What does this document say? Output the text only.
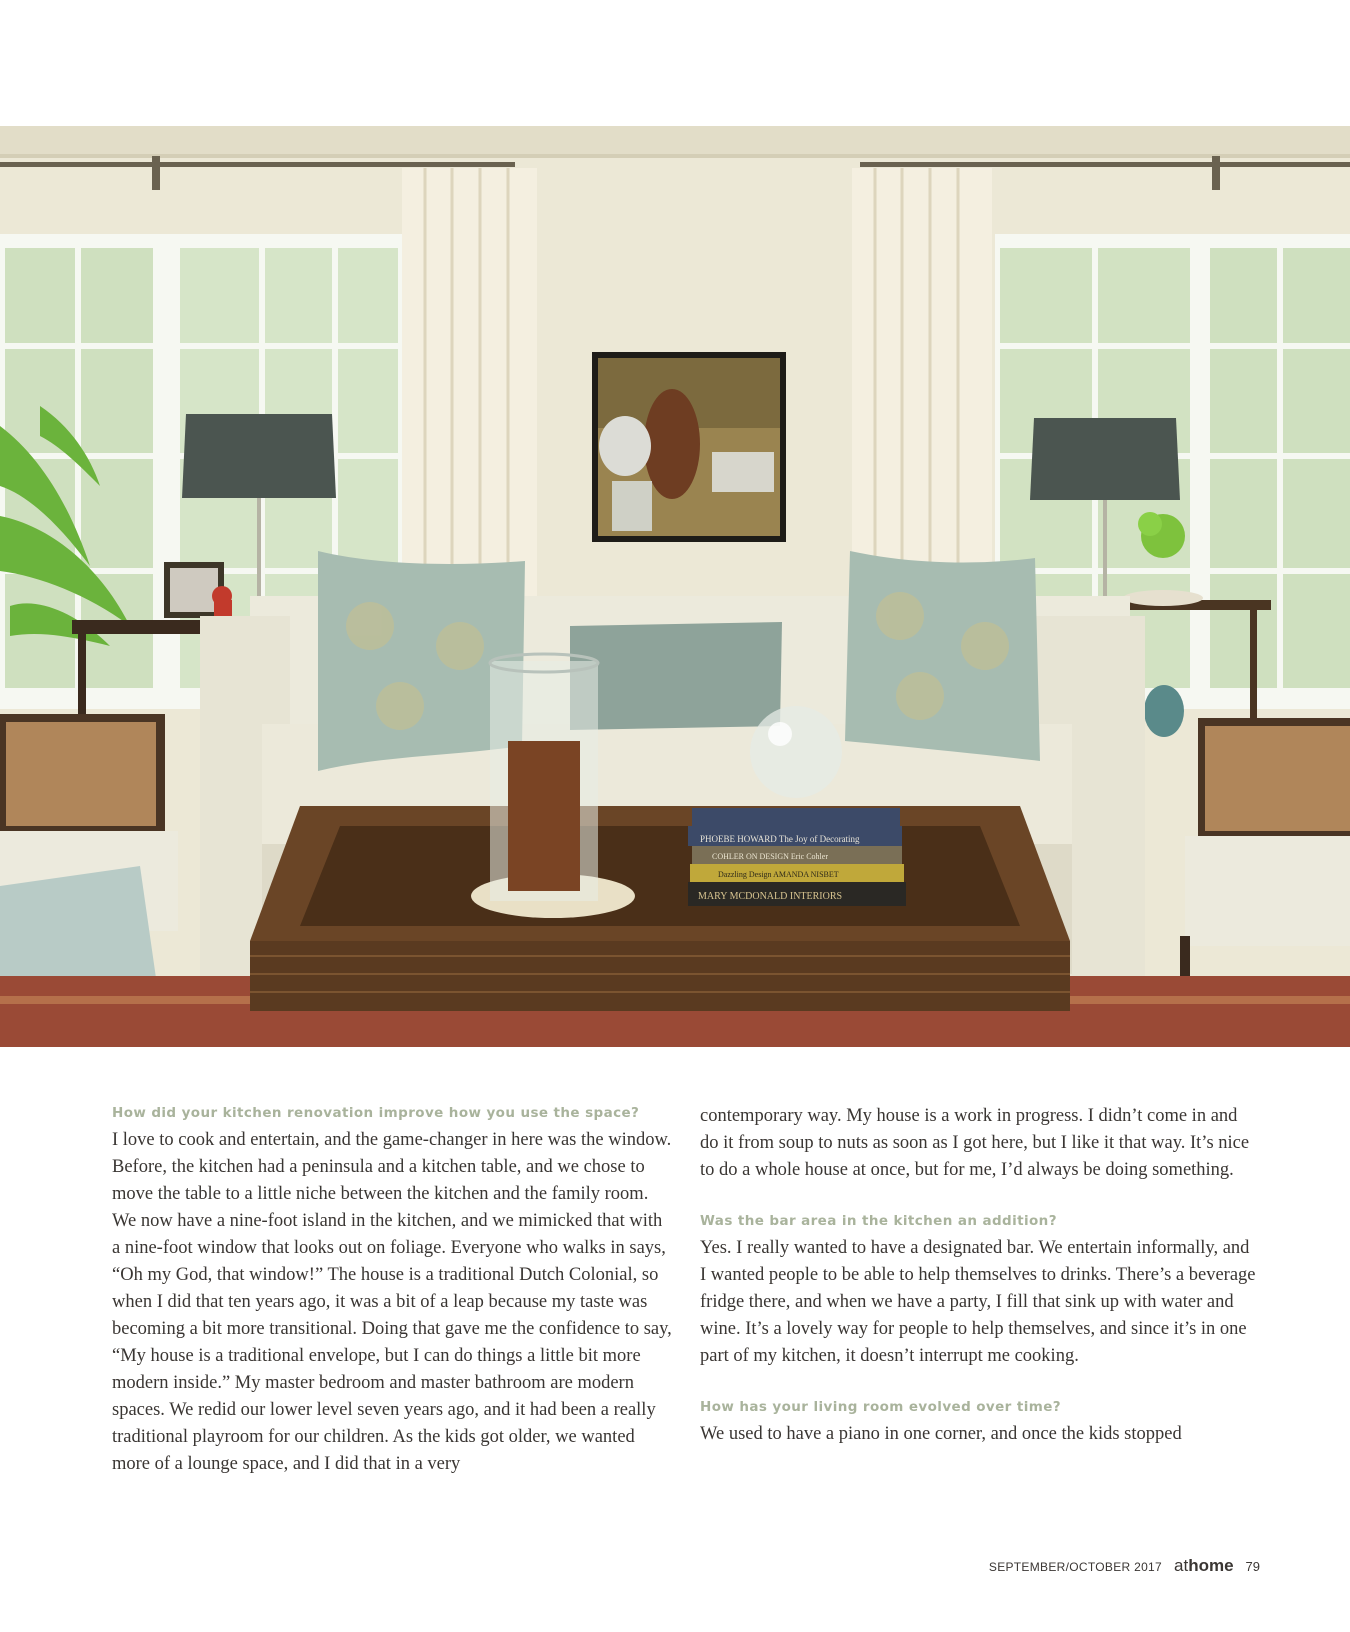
PHOEBE HOWARD The Joy of Decorating
COHLER ON DESIGN Eric Cohler
Dazzling Design AMANDA NISBET
MARY MCDONALD INTERIORS

How did your kitchen renovation improve how you use the space?

I love to cook and entertain, and the game-changer in here was the window. Before, the kitchen had a peninsula and a kitchen table, and we chose to move the table to a little niche between the kitchen and the family room. We now have a nine-foot island in the kitchen, and we mimicked that with a nine-foot window that looks out on foliage. Everyone who walks in says, “Oh my God, that window!” The house is a traditional Dutch Colonial, so when I did that ten years ago, it was a bit of a leap because my taste was becoming a bit more transitional. Doing that gave me the confidence to say, “My house is a traditional envelope, but I can do things a little bit more modern inside.” My master bedroom and master bathroom are modern spaces. We redid our lower level seven years ago, and it had been a really traditional playroom for our children. As the kids got older, we wanted more of a lounge space, and I did that in a very

contemporary way. My house is a work in progress. I didn’t come in and do it from soup to nuts as soon as I got here, but I like it that way. It’s nice to do a whole house at once, but for me, I’d always be doing something.

Was the bar area in the kitchen an addition?

Yes. I really wanted to have a designated bar. We entertain informally, and I wanted people to be able to help themselves to drinks. There’s a beverage fridge there, and when we have a party, I fill that sink up with water and wine. It’s a lovely way for people to help themselves, and since it’s in one part of my kitchen, it doesn’t interrupt me cooking.

How has your living room evolved over time?

We used to have a piano in one corner, and once the kids stopped

SEPTEMBER/OCTOBER 2017 athome 79
